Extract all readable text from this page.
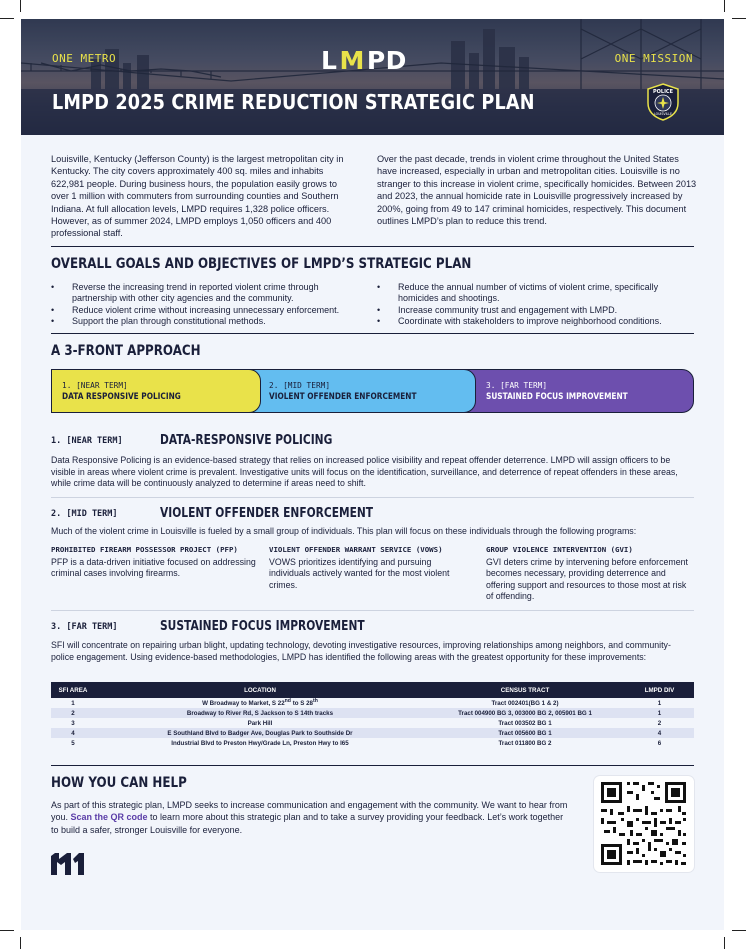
ONE METRO	ONE MISSION
L M PD
LMPD 2025 CRIME REDUCTION STRATEGIC PLAN	POLICE
LOUISVILLE

Louisville, Kentucky (Jefferson County) is the largest metropolitan city in Kentucky. The city covers approximately 400 sq. miles and inhabits 622,981 people. During business hours, the population easily grows to over 1 million with commuters from surrounding counties and Southern Indiana. At full allocation levels, LMPD requires 1,328 police officers. However, as of summer 2024, LMPD employs 1,050 officers and 400 professional staff.

Over the past decade, trends in violent crime throughout the United States have increased, especially in urban and metropolitan cities. Louisville is no stranger to this increase in violent crime, specifically homicides. Between 2013 and 2023, the annual homicide rate in Louisville progressively increased by 200%, going from 49 to 147 criminal homicides, respectively. This document outlines LMPD’s plan to reduce this trend.

OVERALL GOALS AND OBJECTIVES OF LMPD’S STRATEGIC PLAN
• Reverse the increasing trend in reported violent crime through partnership with other city agencies and the community.
• Reduce violent crime without increasing unnecessary enforcement.
• Support the plan through constitutional methods.
• Reduce the annual number of victims of violent crime, specifically homicides and shootings.
• Increase community trust and engagement with LMPD.
• Coordinate with stakeholders to improve neighborhood conditions.
A 3-FRONT APPROACH
3. [FAR TERM]
SUSTAINED FOCUS IMPROVEMENT
2. [MID TERM]
VIOLENT OFFENDER ENFORCEMENT
1. [NEAR TERM]
DATA RESPONSIVE POLICING
1. [NEAR TERM]	DATA-RESPONSIVE POLICING

Data Responsive Policing is an evidence-based strategy that relies on increased police visibility and repeat offender deterrence. LMPD will assign officers to be visible in areas where violent crime is prevalent. Investigative units will focus on the identification, surveillance, and deterrence of repeat offenders in these areas, while crime data will be continuously analyzed to determine if areas need to shift.

2. [MID TERM]	VIOLENT OFFENDER ENFORCEMENT

Much of the violent crime in Louisville is fueled by a small group of individuals. This plan will focus on these individuals through the following programs:

PROHIBITED FIREARM POSSESSOR PROJECT (PFP)

PFP is a data-driven initiative focused on addressing criminal cases involving firearms.

VIOLENT OFFENDER WARRANT SERVICE (VOWS)

VOWS prioritizes identifying and pursuing individuals actively wanted for the most violent crimes.

GROUP VIOLENCE INTERVENTION (GVI)

GVI deters crime by intervening before enforcement becomes necessary, providing deterrence and offering support and resources to those most at risk of offending.

3. [FAR TERM]	SUSTAINED FOCUS IMPROVEMENT

SFI will concentrate on repairing urban blight, updating technology, devoting investigative resources, improving relationships among neighbors, and community-police engagement. Using evidence-based methodologies, LMPD has identified the following areas with the greatest opportunity for these improvements:

SFI AREA	LOCATION	CENSUS TRACT	LMPD DIV
1	W Broadway to Market, S 22nd to S 28th	Tract 002401(BG 1 & 2)	1
2	Broadway to River Rd, S Jackson to S 14th tracks	Tract 004900 BG 3, 003000 BG 2, 005901 BG 1	1
3	Park Hill	Tract 003502 BG 1	2
4	E Southland Blvd to Badger Ave, Douglas Park to Southside Dr	Tract 005600 BG 1	4
5	Industrial Blvd to Preston Hwy/Grade Ln, Preston Hwy to I65	Tract 011800 BG 2	6
HOW YOU CAN HELP

As part of this strategic plan, LMPD seeks to increase communication and engagement with the community. We want to hear from you. Scan the QR code to learn more about this strategic plan and to take a survey providing your feedback. Let’s work together to build a safer, stronger Louisville for everyone.
